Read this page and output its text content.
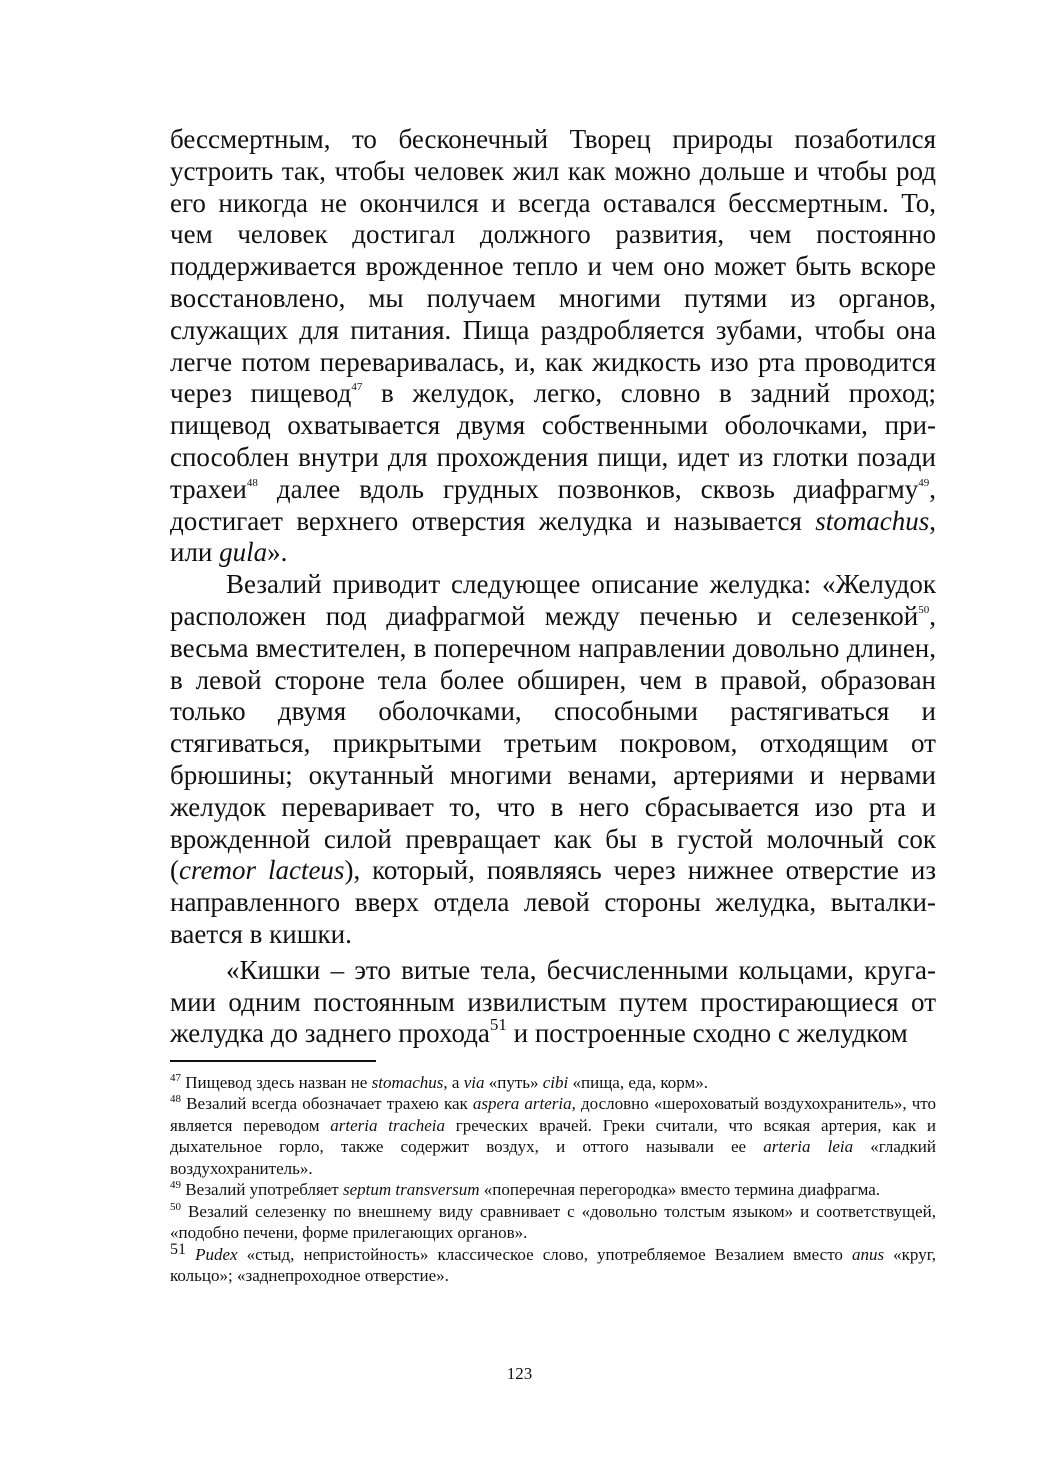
бессмертным, то бесконечный Творец природы позаботился устроить так, чтобы человек жил как можно дольше и чтобы род его никогда не окончился и всегда оставался бессмертным. То, чем человек достигал должного развития, чем постоянно поддерживается врожденное тепло и чем оно может быть вскоре восстановлено, мы получаем многими путями из органов, служащих для питания. Пища раздробляется зубами, чтобы она легче потом переваривалась, и, как жидкость изо рта проводится через пищевод$^{47}$ в желудок, легко, словно в задний проход; пищевод охватывается двумя собственными оболочками, приспособлен внутри для прохождения пищи, идет из глотки позади трахеи$^{48}$ далее вдоль грудных позвонков, сквозь диафрагму$^{49}$, достигает верхнего отверстия желудка и называется stomachus, или gula».

Везалий приводит следующее описание желудка: «Желудок расположен под диафрагмой между печенью и селезенкой$^{50}$, весьма вместителен, в поперечном направлении довольно длинен, в левой стороне тела более обширен, чем в правой, образован только двумя оболочками, способными растягиваться и стягиваться, прикрытыми третьим покровом, отходящим от брюшины; окутанный многими венами, артериями и нервами желудок переваривает то, что в него сбрасывается изо рта и врожденной силой превращает как бы в густой молочный сок (cremor lacteus), который, появляясь через нижнее отверстие из направленного вверх отдела левой стороны желудка, выталкивается в кишки.

«Кишки – это витые тела, бесчисленными кольцами, кругамии одним постоянным извилистым путем простирающиеся от желудка до заднего прохода$^{51}$ и построенные сходно с желудком

$^{47}$ Пищевод здесь назван не stomachus, а via «путь» cibi «пища, еда, корм».

$^{48}$ Везалий всегда обозначает трахею как aspera arteria, дословно «шероховатый воздухохранитель», что является переводом arteria tracheia греческих врачей. Греки считали, что всякая артерия, как и дыхательное горло, также содержит воздух, и оттого называли ее arteria leia «гладкий воздухохранитель».

$^{49}$ Везалий употребляет septum transversum «поперечная перегородка» вместо термина диафрагма.

$^{50}$ Везалий селезенку по внешнему виду сравнивает с «довольно толстым языком» и соответствущей, «подобно печени, форме прилегающих органов».

$^{51}$ Pudex «стыд, непристойность» классическое слово, употребляемое Везалием вместо anus «круг, кольцо»; «заднепроходное отверстие».

123
